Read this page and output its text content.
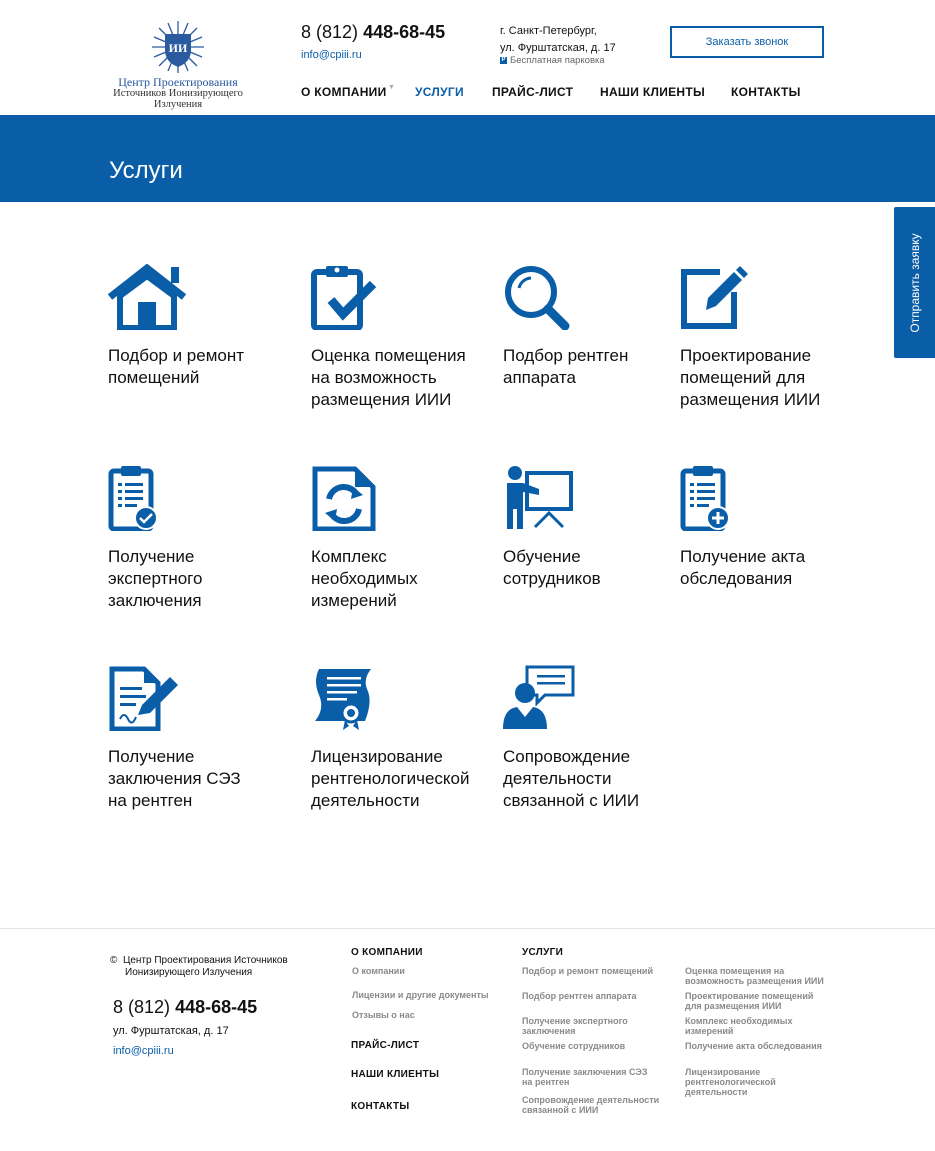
ИИ
Центр Проектирования
Источников Ионизирующего
Излучения
8 (812) 448-68-45
info@cpiii.ru
г. Санкт-Петербург,
ул. Фурштатская, д. 17
P Бесплатная парковка
Заказать звонок
О КОМПАНИИ ▼ УСЛУГИ ПРАЙС-ЛИСТ НАШИ КЛИЕНТЫ КОНТАКТЫ
Услуги
Отправить заявку
Подбор и ремонт
помещений
Оценка помещения
на возможность
размещения ИИИ
Подбор рентген
аппарата
Проектирование
помещений для
размещения ИИИ
Получение
экспертного
заключения
Комплекс
необходимых
измерений
Обучение
сотрудников
Получение акта
обследования
Получение
заключения СЭЗ
на рентген
Лицензирование
рентгенологической
деятельности
Сопровождение
деятельности
связанной с ИИИ
© Центр Проектирования Источников
Ионизирующего Излучения
8 (812) 448-68-45
ул. Фурштатская, д. 17
info@cpiii.ru
О КОМПАНИИ
О компании
Лицензии и другие документы
Отзывы о нас
ПРАЙС-ЛИСТ
НАШИ КЛИЕНТЫ
КОНТАКТЫ
УСЛУГИ
Подбор и ремонт помещений
Подбор рентген аппарата
Получение экспертного
заключения
Обучение сотрудников
Получение заключения СЭЗ
на рентген
Сопровождение деятельности
связанной с ИИИ
Оценка помещения на
возможность размещения ИИИ
Проектирование помещений
для размещения ИИИ
Комплекс необходимых
измерений
Получение акта обследования
Лицензирование
рентгенологической
деятельности
